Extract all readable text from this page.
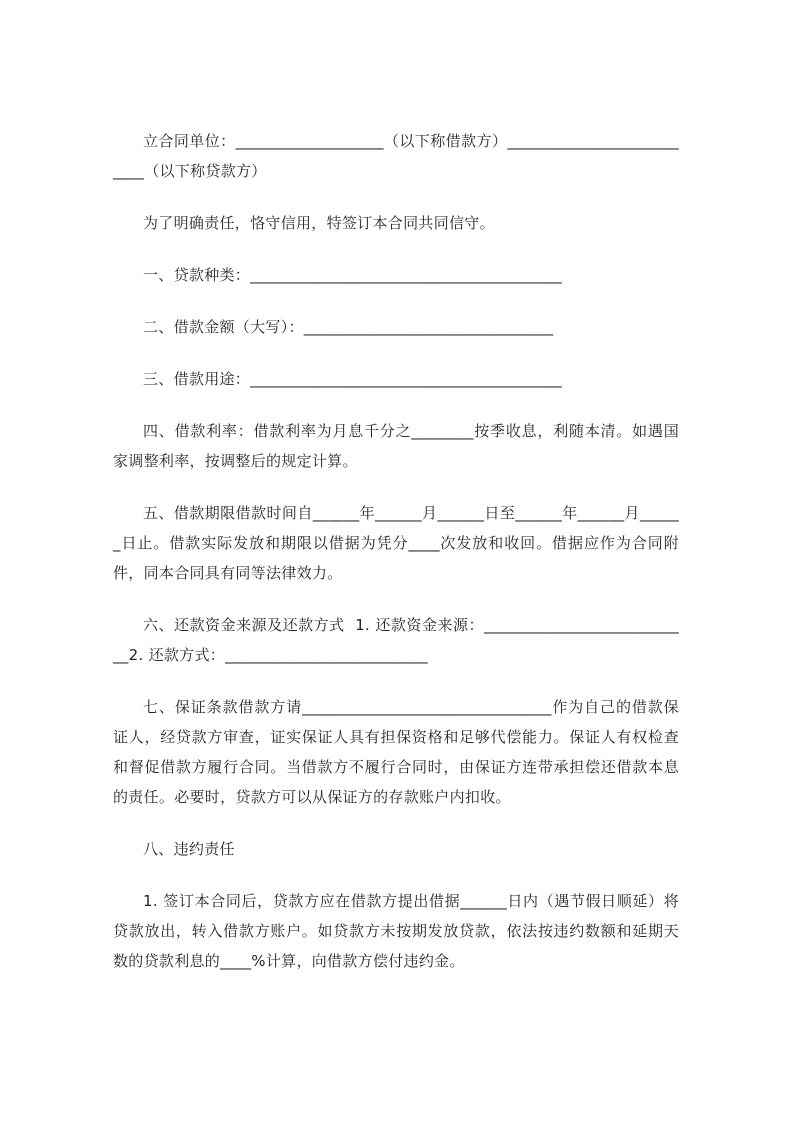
立合同单位：___________________（以下称借款方）__________________________（以下称贷款方）

为了明确责任，恪守信用，特签订本合同共同信守。

一、贷款种类：________________________________________

二、借款金额（大写）：________________________________

三、借款用途：________________________________________

四、借款利率：借款利率为月息千分之________按季收息，利随本清。如遇国家调整利率，按调整后的规定计算。

五、借款期限借款时间自______年______月______日至______年______月______日止。借款实际发放和期限以借据为凭分____次发放和收回。借据应作为合同附件，同本合同具有同等法律效力。

六、还款资金来源及还款方式  1. 还款资金来源：___________________________2. 还款方式：__________________________

七、保证条款借款方请________________________________作为自己的借款保证人，经贷款方审查，证实保证人具有担保资格和足够代偿能力。保证人有权检查和督促借款方履行合同。当借款方不履行合同时，由保证方连带承担偿还借款本息的责任。必要时，贷款方可以从保证方的存款账户内扣收。

八、违约责任

1. 签订本合同后，贷款方应在借款方提出借据______日内（遇节假日顺延）将贷款放出，转入借款方账户。如贷款方未按期发放贷款，依法按违约数额和延期天数的贷款利息的____%计算，向借款方偿付违约金。
